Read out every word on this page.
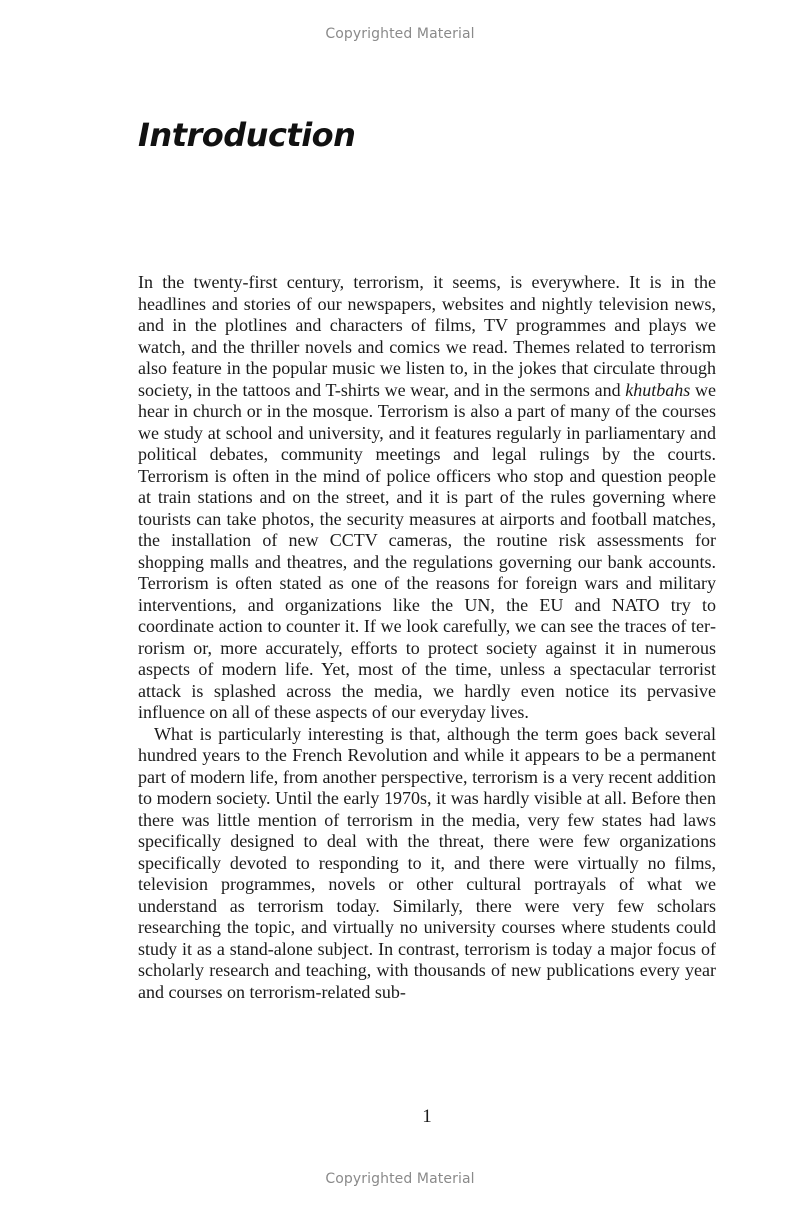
Copyrighted Material
Introduction

In the twenty-first century, terrorism, it seems, is everywhere. It is in the headlines and stories of our newspapers, websites and nightly television news, and in the plotlines and characters of films, TV programmes and plays we watch, and the thriller novels and comics we read. Themes related to terrorism also feature in the popular music we listen to, in the jokes that circulate through society, in the tattoos and T-shirts we wear, and in the sermons and khutbahs we hear in church or in the mosque. Terrorism is also a part of many of the courses we study at school and university, and it features regularly in parliamentary and political debates, community meetings and legal rulings by the courts. Terrorism is often in the mind of police officers who stop and question people at train stations and on the street, and it is part of the rules governing where tourists can take photos, the security measures at airports and football matches, the installation of new CCTV cameras, the routine risk assessments for shopping malls and theatres, and the regulations governing our bank accounts. Terrorism is often stated as one of the reasons for foreign wars and military interventions, and organizations like the UN, the EU and NATO try to coordinate action to counter it. If we look carefully, we can see the traces of terrorism or, more accurately, efforts to protect society against it in numerous aspects of modern life. Yet, most of the time, unless a spectacular terrorist attack is splashed across the media, we hardly even notice its pervasive influence on all of these aspects of our everyday lives.

What is particularly interesting is that, although the term goes back several hundred years to the French Revolution and while it appears to be a permanent part of modern life, from another perspective, terrorism is a very recent addition to modern society. Until the early 1970s, it was hardly visible at all. Before then there was little mention of terrorism in the media, very few states had laws specifically designed to deal with the threat, there were few organizations specifically devoted to responding to it, and there were virtually no films, television programmes, novels or other cultural portrayals of what we understand as terrorism today. Similarly, there were very few scholars researching the topic, and virtually no university courses where students could study it as a stand-alone subject. In contrast, terrorism is today a major focus of scholarly research and teaching, with thousands of new publications every year and courses on terrorism-related sub-

1
Copyrighted Material
